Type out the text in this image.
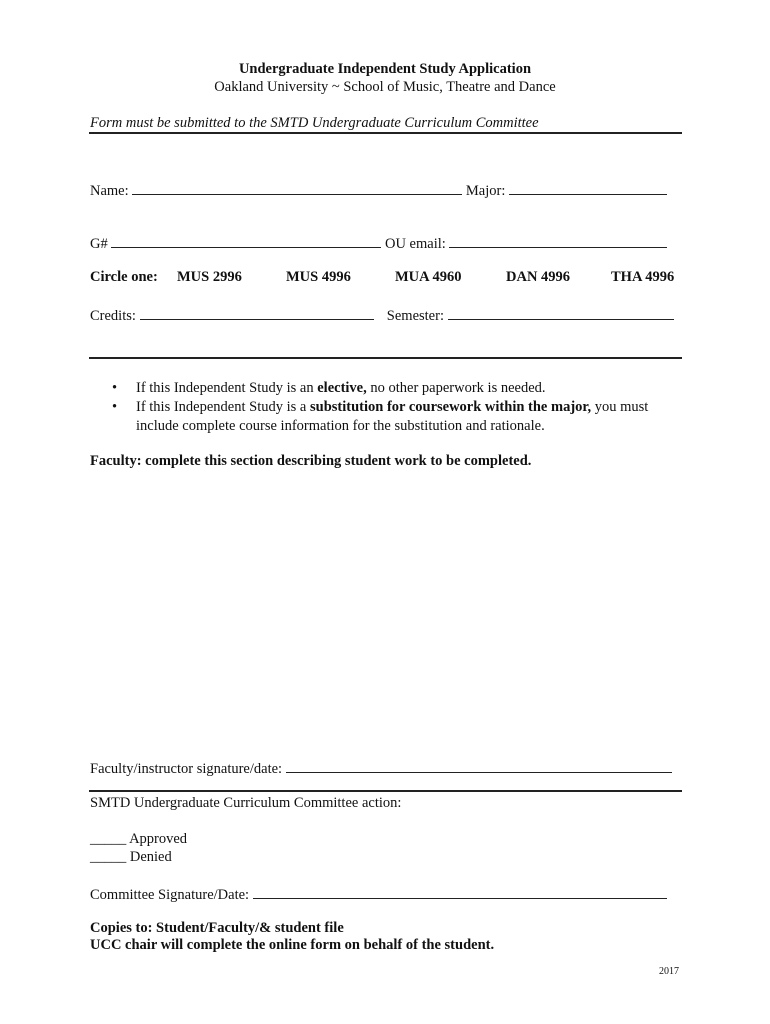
Undergraduate Independent Study Application
Oakland University ~ School of Music, Theatre and Dance
Form must be submitted to the SMTD Undergraduate Curriculum Committee
Name:	Major:
G#	OU email:
Circle one: MUS 2996	MUS 4996	MUA 4960	DAN 4996	THA 4996
Credits:	Semester:
• If this Independent Study is an elective, no other paperwork is needed.
• If this Independent Study is a substitution for coursework within the major, you must
include complete course information for the substitution and rationale.
Faculty: complete this section describing student work to be completed.
Faculty/instructor signature/date:
SMTD Undergraduate Curriculum Committee action:
_____ Approved
_____ Denied
Committee Signature/Date:
Copies to: Student/Faculty/& student file
UCC chair will complete the online form on behalf of the student.
2017
